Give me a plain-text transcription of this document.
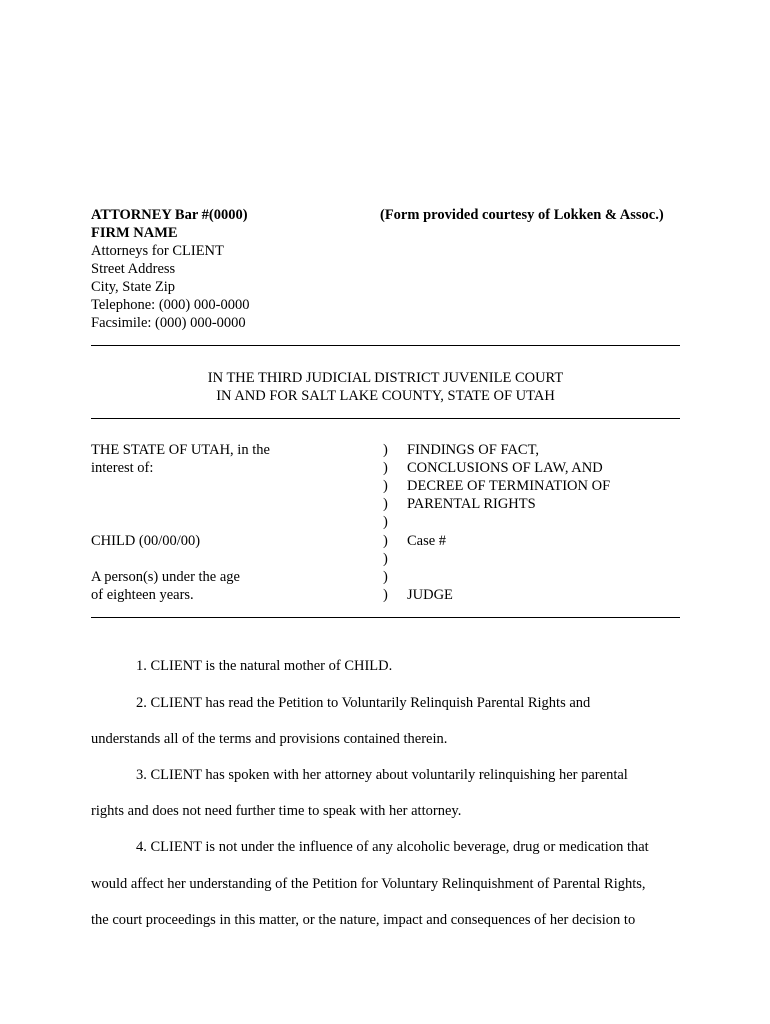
ATTORNEY Bar #(0000)	(Form provided courtesy of Lokken & Assoc.)
FIRM NAME
Attorneys for CLIENT
Street Address
City, State Zip
Telephone: (000) 000-0000
Facsimile: (000) 000-0000
IN THE THIRD JUDICIAL DISTRICT JUVENILE COURT
IN AND FOR SALT LAKE COUNTY, STATE OF UTAH
THE STATE OF UTAH, in the
interest of:
CHILD (00/00/00)
A person(s) under the age
of eighteen years.
)
)
)
)
)
)
)
)
)
FINDINGS OF FACT,
CONCLUSIONS OF LAW, AND
DECREE OF TERMINATION OF
PARENTAL RIGHTS
Case #
JUDGE
1. CLIENT is the natural mother of CHILD.
2. CLIENT has read the Petition to Voluntarily Relinquish Parental Rights and
understands all of the terms and provisions contained therein.
3. CLIENT has spoken with her attorney about voluntarily relinquishing her parental
rights and does not need further time to speak with her attorney.
4. CLIENT is not under the influence of any alcoholic beverage, drug or medication that
would affect her understanding of the Petition for Voluntary Relinquishment of Parental Rights,
the court proceedings in this matter, or the nature, impact and consequences of her decision to
